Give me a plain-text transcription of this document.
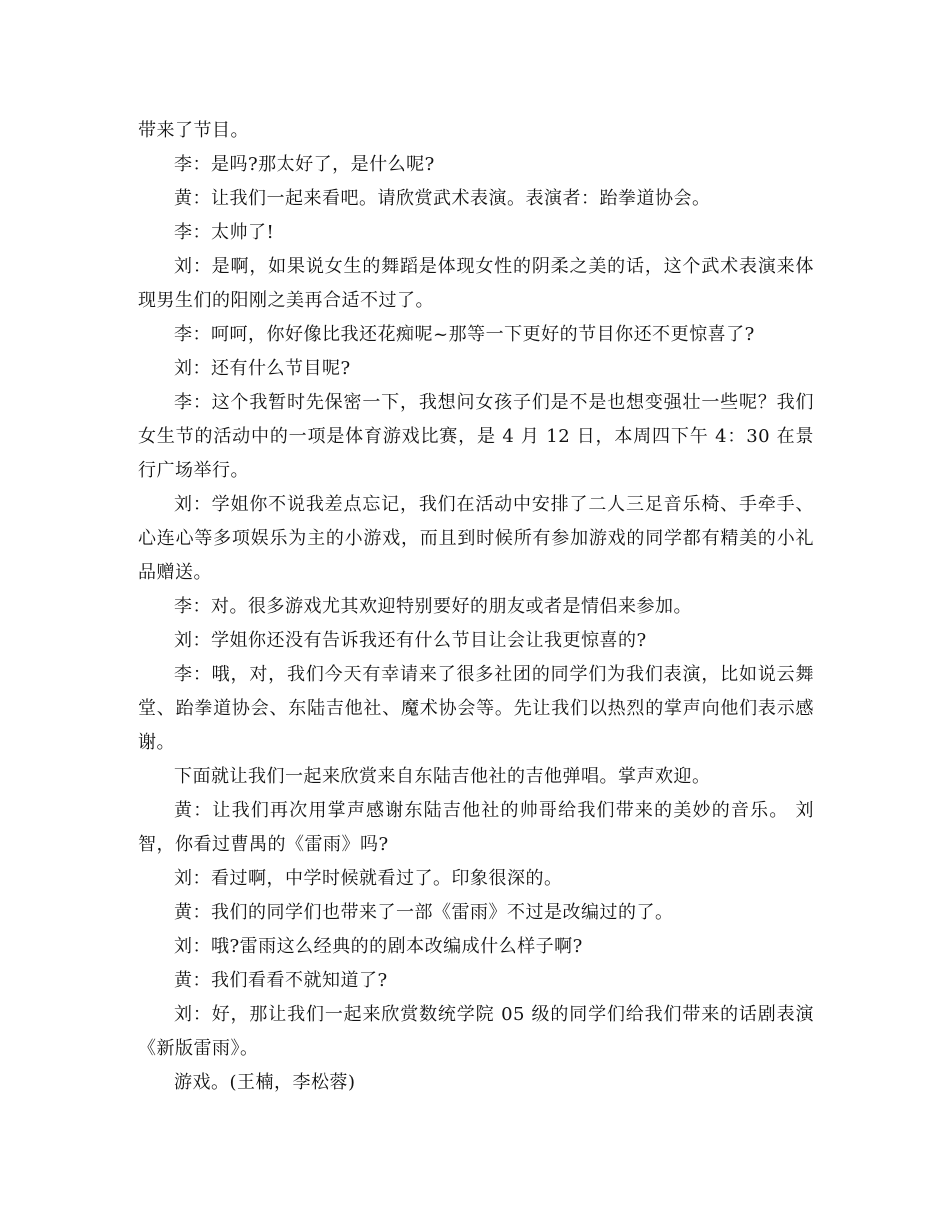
带来了节目。

李：是吗?那太好了，是什么呢?

黄：让我们一起来看吧。请欣赏武术表演。表演者：跆拳道协会。

李：太帅了!

刘：是啊，如果说女生的舞蹈是体现女性的阴柔之美的话，这个武术表演来体现男生们的阳刚之美再合适不过了。

李：呵呵，你好像比我还花痴呢~那等一下更好的节目你还不更惊喜了?

刘：还有什么节目呢?

李：这个我暂时先保密一下，我想问女孩子们是不是也想变强壮一些呢？我们女生节的活动中的一项是体育游戏比赛，是 4 月 12 日，本周四下午 4：30 在景行广场举行。

刘：学姐你不说我差点忘记，我们在活动中安排了二人三足音乐椅、手牵手、心连心等多项娱乐为主的小游戏，而且到时候所有参加游戏的同学都有精美的小礼品赠送。

李：对。很多游戏尤其欢迎特别要好的朋友或者是情侣来参加。

刘：学姐你还没有告诉我还有什么节目让会让我更惊喜的?

李：哦，对，我们今天有幸请来了很多社团的同学们为我们表演，比如说云舞堂、跆拳道协会、东陆吉他社、魔术协会等。先让我们以热烈的掌声向他们表示感谢。

下面就让我们一起来欣赏来自东陆吉他社的吉他弹唱。掌声欢迎。

黄：让我们再次用掌声感谢东陆吉他社的帅哥给我们带来的美妙的音乐。 刘智，你看过曹禺的《雷雨》吗?

刘：看过啊，中学时候就看过了。印象很深的。

黄：我们的同学们也带来了一部《雷雨》不过是改编过的了。

刘：哦?雷雨这么经典的的剧本改编成什么样子啊?

黄：我们看看不就知道了?

刘：好，那让我们一起来欣赏数统学院 05 级的同学们给我们带来的话剧表演《新版雷雨》。

游戏。(王楠，李松蓉)
